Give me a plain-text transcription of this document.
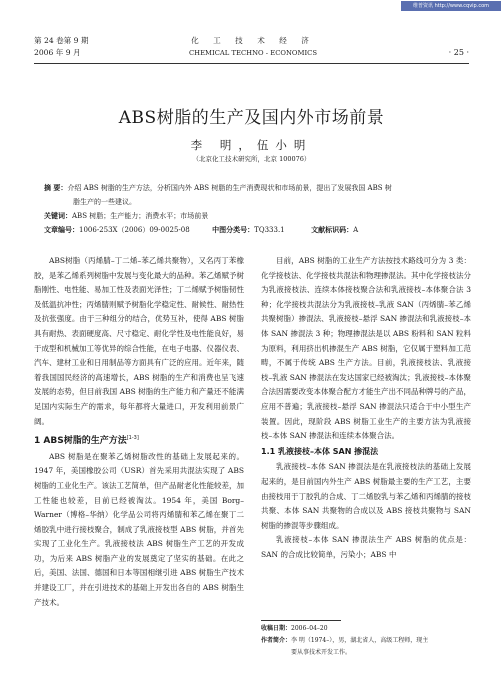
维普资讯 http://www.cqvip.com
第 24 卷第 9 期
2006 年 9 月
化 工 技 术 经 济
CHEMICAL TECHNO - ECONOMICS	· 25 ·
ABS树脂的生产及国内外市场前景
李 明，伍小明
（北京化工技术研究所，北京 100076）
摘 要：介绍 ABS 树脂的生产方法，分析国内外 ABS 树脂的生产消费现状和市场前景，提出了发展我国 ABS 树
脂生产的一些建议。
关键词：ABS 树脂；生产能力；消费水平；市场前景
文章编号：1006-253X（2006）09-0025-08	中图分类号：TQ333.1	文献标识码：A

ABS树脂（丙烯腈–丁二烯–苯乙烯共聚物），又名丙丁苯橡胶，是苯乙烯系列树脂中发展与变化最大的品种。苯乙烯赋予树脂刚性、电性能、易加工性及表面光泽性；丁二烯赋予树脂韧性及低温抗冲性；丙烯腈则赋予树脂化学稳定性、耐候性、耐热性及抗张强度。由于三种组分的结合，优势互补，使得 ABS 树脂具有耐热、表面硬度高、尺寸稳定、耐化学性及电性能良好，易于成型和机械加工等优异的综合性能，在电子电器、仪器仪表、汽车、建材工业和日用制品等方面具有广泛的应用。近年来，随着我国国民经济的高速增长，ABS 树脂的生产和消费也呈飞速发展的态势，但目前我国 ABS 树脂的生产能力和产量还不能满足国内实际生产的需求，每年都将大量进口，开发利用前景广阔。

1 ABS树脂的生产方法[1-3]

ABS 树脂是在聚苯乙烯树脂改性的基础上发展起来的。1947 年，美国橡胶公司（USR）首先采用共混法实现了 ABS 树脂的工业化生产。该法工艺简单，但产品耐老化性能较差，加工性能也较差，目前已经被淘汰。1954 年，美国 Borg–Warner（博格–华纳）化学品公司将丙烯腈和苯乙烯在聚丁二烯胶乳中进行接枝聚合，制成了乳液接枝型 ABS 树脂，并首先实现了工业化生产。乳液接枝法 ABS 树脂生产工艺的开发成功，为后来 ABS 树脂产业的发展奠定了坚实的基础。在此之后，美国、法国、德国和日本等国相继引进 ABS 树脂生产技术并建设工厂，并在引进技术的基础上开发出各自的 ABS 树脂生产技术。

目前，ABS 树脂的工业生产方法按技术路线可分为 3 类：化学接枝法、化学接枝共混法和物理掺混法。其中化学接枝法分为乳液接枝法、连续本体接枝聚合法和乳液接枝–本体聚合法 3 种；化学接枝共混法分为乳液接枝–乳液 SAN（丙烯腈–苯乙烯共聚树脂）掺混法、乳液接枝–悬浮 SAN 掺混法和乳液接枝–本体 SAN 掺混法 3 种；物理掺混法是以 ABS 粉料和 SAN 粒料为原料，利用挤出机掺混生产 ABS 树脂，它仅属于塑料加工范畴，不属于传统 ABS 生产方法。目前，乳液接枝法、乳液接枝–乳液 SAN 掺混法在发达国家已经被淘汰；乳液接枝–本体聚合法因需要改变本体聚合配方才能生产出不同品种牌号的产品，应用不普遍；乳液接枝–悬浮 SAN 掺混法只适合于中小型生产装置。因此，现阶段 ABS 树脂工业生产的主要方法为乳液接枝–本体 SAN 掺混法和连续本体聚合法。

1.1 乳液接枝–本体 SAN 掺混法

乳液接枝–本体 SAN 掺混法是在乳液接枝法的基础上发展起来的，是目前国内外生产 ABS 树脂最主要的生产工艺，主要由接枝用于丁胶乳的合成、丁二烯胶乳与苯乙烯和丙烯腈的接枝共聚、本体 SAN 共聚物的合成以及 ABS 接枝共聚物与 SAN 树脂的掺混等步骤组成。

乳液接枝–本体 SAN 掺混法生产 ABS 树脂的优点是：SAN 的合成比较简单，污染小；ABS 中

收稿日期：2006–04–20
作者简介：李 明（1974–），男，湖北省人，高级工程师，现主
要从事技术开发工作。
